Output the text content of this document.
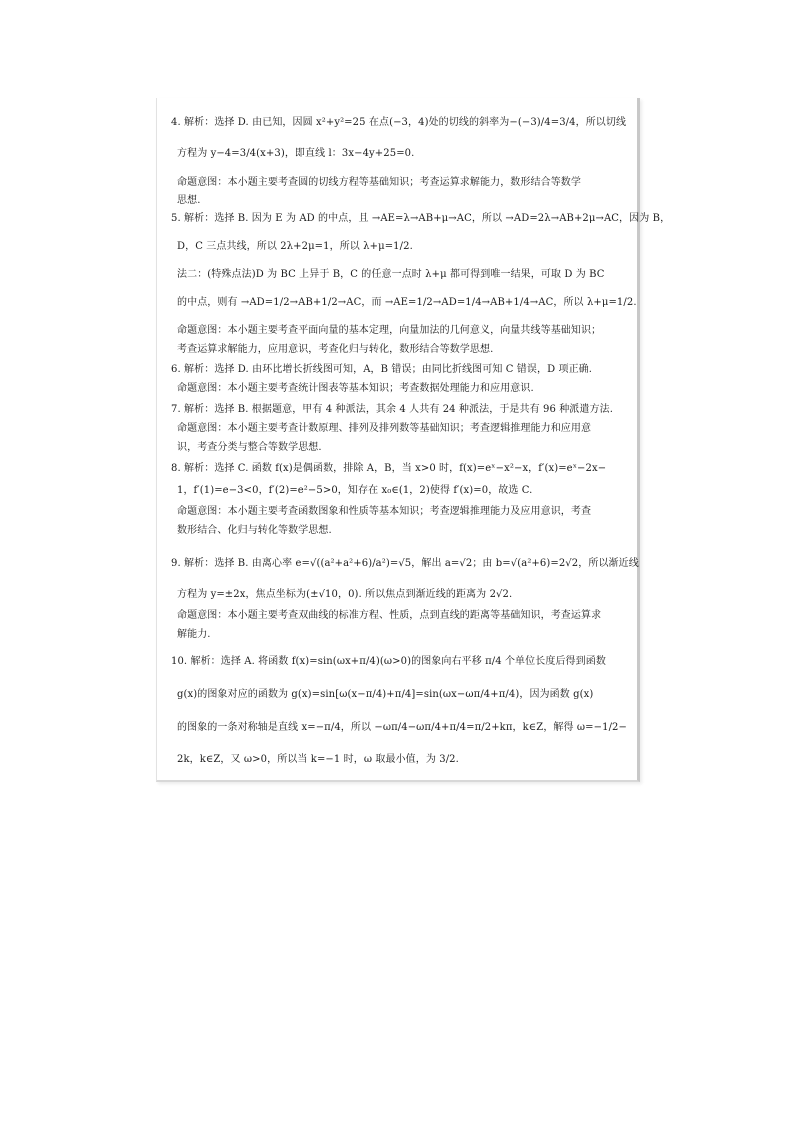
4. 解析：选择 D. 由已知，因圆 x²+y²=25 在点(−3，4)处的切线的斜率为−(−3)/4=3/4，所以切线
方程为 y−4=3/4(x+3)，即直线 l：3x−4y+25=0.
命题意图：本小题主要考查圆的切线方程等基础知识；考查运算求解能力，数形结合等数学
思想.
5. 解析：选择 B. 因为 E 为 AD 的中点，且 →AE=λ→AB+μ→AC，所以 →AD=2λ→AB+2μ→AC，因为 B，
D，C 三点共线，所以 2λ+2μ=1，所以 λ+μ=1/2.
法二：(特殊点法)D 为 BC 上异于 B，C 的任意一点时 λ+μ 都可得到唯一结果，可取 D 为 BC
的中点，则有 →AD=1/2→AB+1/2→AC，而 →AE=1/2→AD=1/4→AB+1/4→AC，所以 λ+μ=1/2.
命题意图：本小题主要考查平面向量的基本定理，向量加法的几何意义，向量共线等基础知识；
考查运算求解能力，应用意识，考查化归与转化，数形结合等数学思想.
6. 解析：选择 D. 由环比增长折线图可知，A，B 错误；由同比折线图可知 C 错误，D 项正确.
命题意图：本小题主要考查统计图表等基本知识；考查数据处理能力和应用意识.
7. 解析：选择 B. 根据题意，甲有 4 种派法，其余 4 人共有 24 种派法，于是共有 96 种派遣方法.
命题意图：本小题主要考查计数原理、排列及排列数等基础知识；考查逻辑推理能力和应用意
识，考查分类与整合等数学思想.
8. 解析：选择 C. 函数 f(x)是偶函数，排除 A，B，当 x>0 时，f(x)=eˣ−x²−x，f′(x)=eˣ−2x−
1，f′(1)=e−3<0，f′(2)=e²−5>0，知存在 x₀∈(1，2)使得 f′(x)=0，故选 C.
命题意图：本小题主要考查函数图象和性质等基本知识；考查逻辑推理能力及应用意识，考查
数形结合、化归与转化等数学思想.
9. 解析：选择 B. 由离心率 e=√((a²+a²+6)/a²)=√5，解出 a=√2；由 b=√(a²+6)=2√2，所以渐近线
方程为 y=±2x，焦点坐标为(±√10，0). 所以焦点到渐近线的距离为 2√2.
命题意图：本小题主要考查双曲线的标准方程、性质，点到直线的距离等基础知识，考查运算求
解能力.
10. 解析：选择 A. 将函数 f(x)=sin(ωx+π/4)(ω>0)的图象向右平移 π/4 个单位长度后得到函数
g(x)的图象对应的函数为 g(x)=sin[ω(x−π/4)+π/4]=sin(ωx−ωπ/4+π/4)，因为函数 g(x)
的图象的一条对称轴是直线 x=−π/4，所以 −ωπ/4−ωπ/4+π/4=π/2+kπ，k∈Z，解得 ω=−1/2−
2k，k∈Z，又 ω>0，所以当 k=−1 时，ω 取最小值，为 3/2.
